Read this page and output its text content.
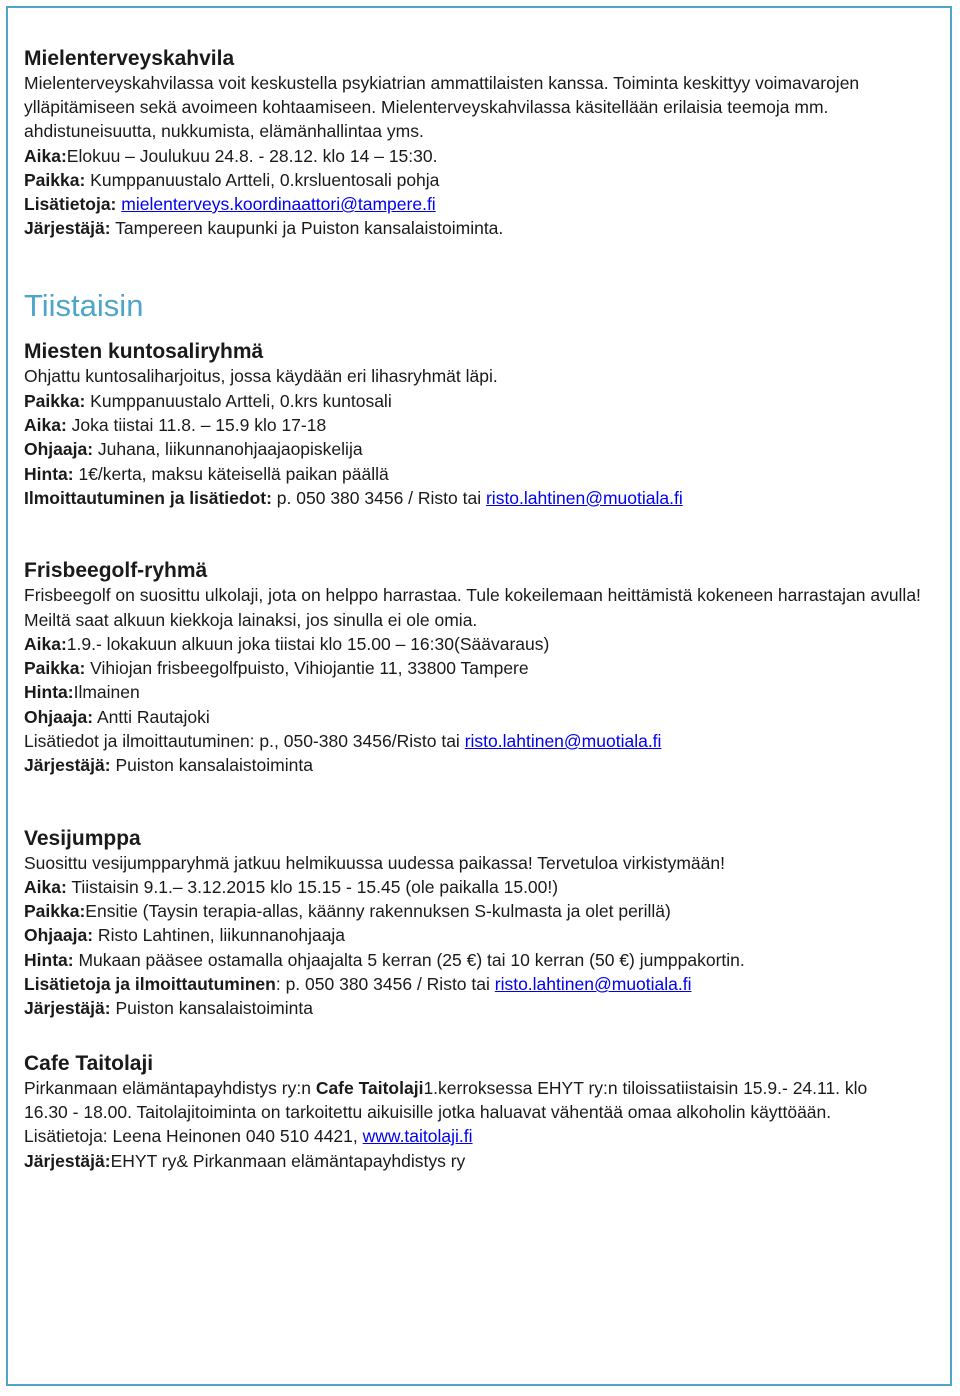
Mielenterveyskahvila

Mielenterveyskahvilassa voit keskustella psykiatrian ammattilaisten kanssa. Toiminta keskittyy voimavarojen ylläpitämiseen sekä avoimeen kohtaamiseen. Mielenterveyskahvilassa käsitellään erilaisia teemoja mm. ahdistuneisuutta, nukkumista, elämänhallintaa yms.

Aika:Elokuu – Joulukuu 24.8. - 28.12. klo 14 – 15:30.

Paikka: Kumppanuustalo Artteli, 0.krsluentosali pohja

Lisätietoja: mielenterveys.koordinaattori@tampere.fi

Järjestäjä: Tampereen kaupunki ja Puiston kansalaistoiminta.

Tiistaisin
Miesten kuntosaliryhmä

Ohjattu kuntosaliharjoitus, jossa käydään eri lihasryhmät läpi.

Paikka: Kumppanuustalo Artteli, 0.krs kuntosali

Aika: Joka tiistai 11.8. – 15.9 klo 17-18

Ohjaaja: Juhana, liikunnanohjaajaopiskelija

Hinta: 1€/kerta, maksu käteisellä paikan päällä

Ilmoittautuminen ja lisätiedot: p. 050 380 3456 / Risto tai risto.lahtinen@muotiala.fi

Frisbeegolf-ryhmä

Frisbeegolf on suosittu ulkolaji, jota on helppo harrastaa. Tule kokeilemaan heittämistä kokeneen harrastajan avulla! Meiltä saat alkuun kiekkoja lainaksi, jos sinulla ei ole omia.

Aika:1.9.- lokakuun alkuun joka tiistai klo 15.00 – 16:30(Säävaraus)

Paikka: Vihiojan frisbeegolfpuisto, Vihiojantie 11, 33800 Tampere

Hinta:Ilmainen

Ohjaaja: Antti Rautajoki

Lisätiedot ja ilmoittautuminen: p., 050-380 3456/Risto tai risto.lahtinen@muotiala.fi

Järjestäjä: Puiston kansalaistoiminta

Vesijumppa

Suosittu vesijumpparyhmä jatkuu helmikuussa uudessa paikassa! Tervetuloa virkistymään!

Aika: Tiistaisin 9.1.– 3.12.2015 klo 15.15 - 15.45 (ole paikalla 15.00!)

Paikka:Ensitie (Taysin terapia-allas, käänny rakennuksen S-kulmasta ja olet perillä)

Ohjaaja: Risto Lahtinen, liikunnanohjaaja

Hinta: Mukaan pääsee ostamalla ohjaajalta 5 kerran (25 €) tai 10 kerran (50 €) jumppakortin.

Lisätietoja ja ilmoittautuminen: p. 050 380 3456 / Risto tai risto.lahtinen@muotiala.fi

Järjestäjä: Puiston kansalaistoiminta

Cafe Taitolaji

Pirkanmaan elämäntapayhdistys ry:n Cafe Taitolaji1.kerroksessa EHYT ry:n tiloissatiistaisin 15.9.- 24.11. klo 16.30 - 18.00. Taitolajitoiminta on tarkoitettu aikuisille jotka haluavat vähentää omaa alkoholin käyttöään. Lisätietoja: Leena Heinonen 040 510 4421, www.taitolaji.fi

Järjestäjä:EHYT ry& Pirkanmaan elämäntapayhdistys ry
